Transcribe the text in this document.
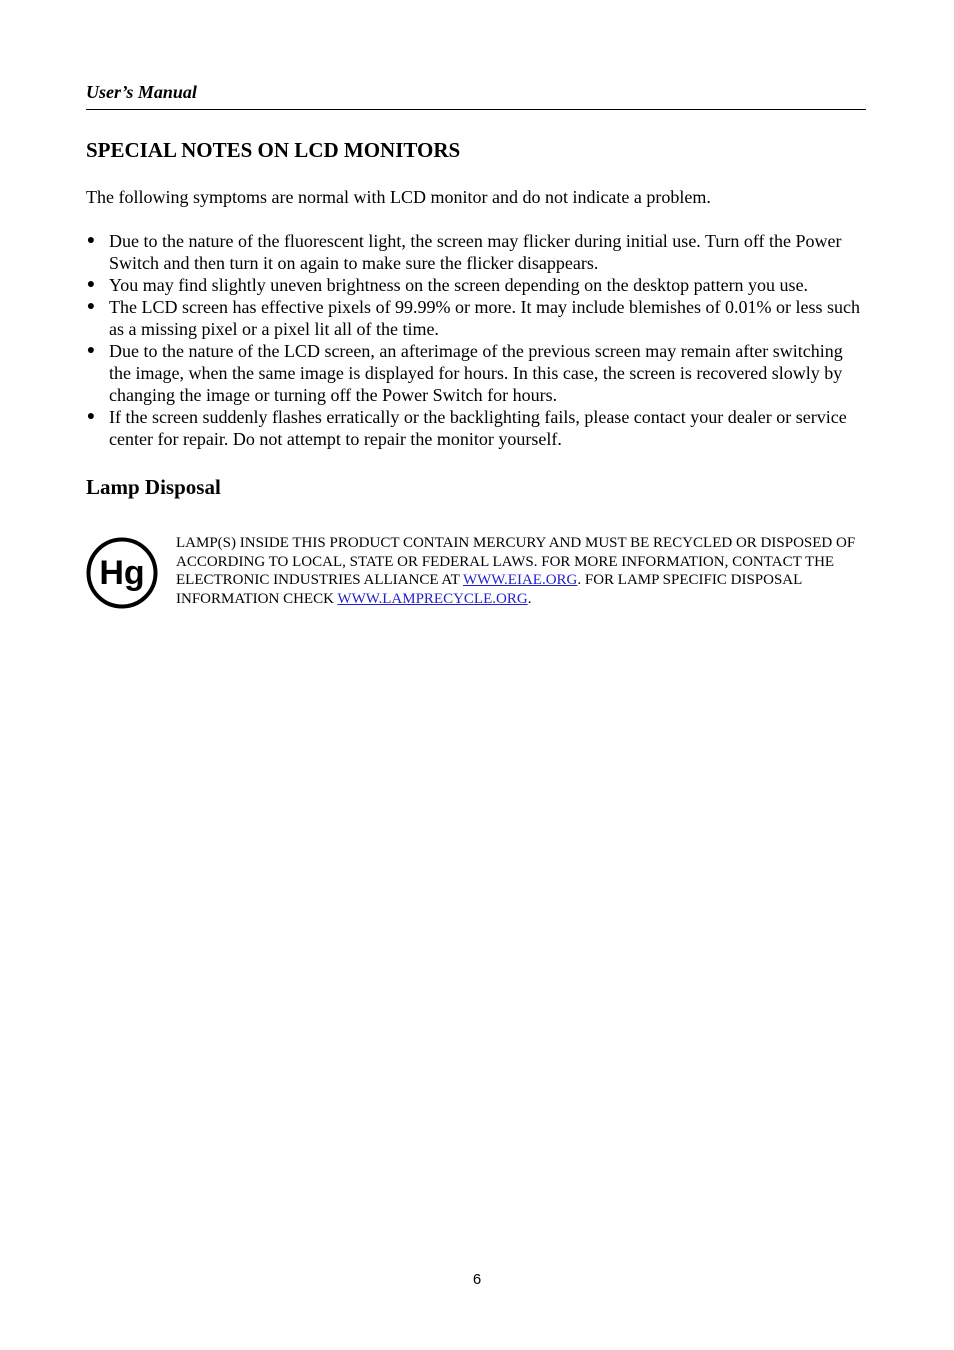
User’s Manual
SPECIAL NOTES ON LCD MONITORS
The following symptoms are normal with LCD monitor and do not indicate a problem.
● Due to the nature of the fluorescent light, the screen may flicker during initial use. Turn off the Power Switch and then turn it on again to make sure the flicker disappears.
● You may find slightly uneven brightness on the screen depending on the desktop pattern you use.
● The LCD screen has effective pixels of 99.99% or more. It may include blemishes of 0.01% or less such as a missing pixel or a pixel lit all of the time.
● Due to the nature of the LCD screen, an afterimage of the previous screen may remain after switching the image, when the same image is displayed for hours. In this case, the screen is recovered slowly by changing the image or turning off the Power Switch for hours.
● If the screen suddenly flashes erratically or the backlighting fails, please contact your dealer or service center for repair. Do not attempt to repair the monitor yourself.
Lamp Disposal
Hg
LAMP(S) INSIDE THIS PRODUCT CONTAIN MERCURY AND MUST BE RECYCLED OR DISPOSED OF ACCORDING TO LOCAL, STATE OR FEDERAL LAWS. FOR MORE INFORMATION, CONTACT THE ELECTRONIC INDUSTRIES ALLIANCE AT WWW.EIAE.ORG. FOR LAMP SPECIFIC DISPOSAL INFORMATION CHECK WWW.LAMPRECYCLE.ORG.
6
